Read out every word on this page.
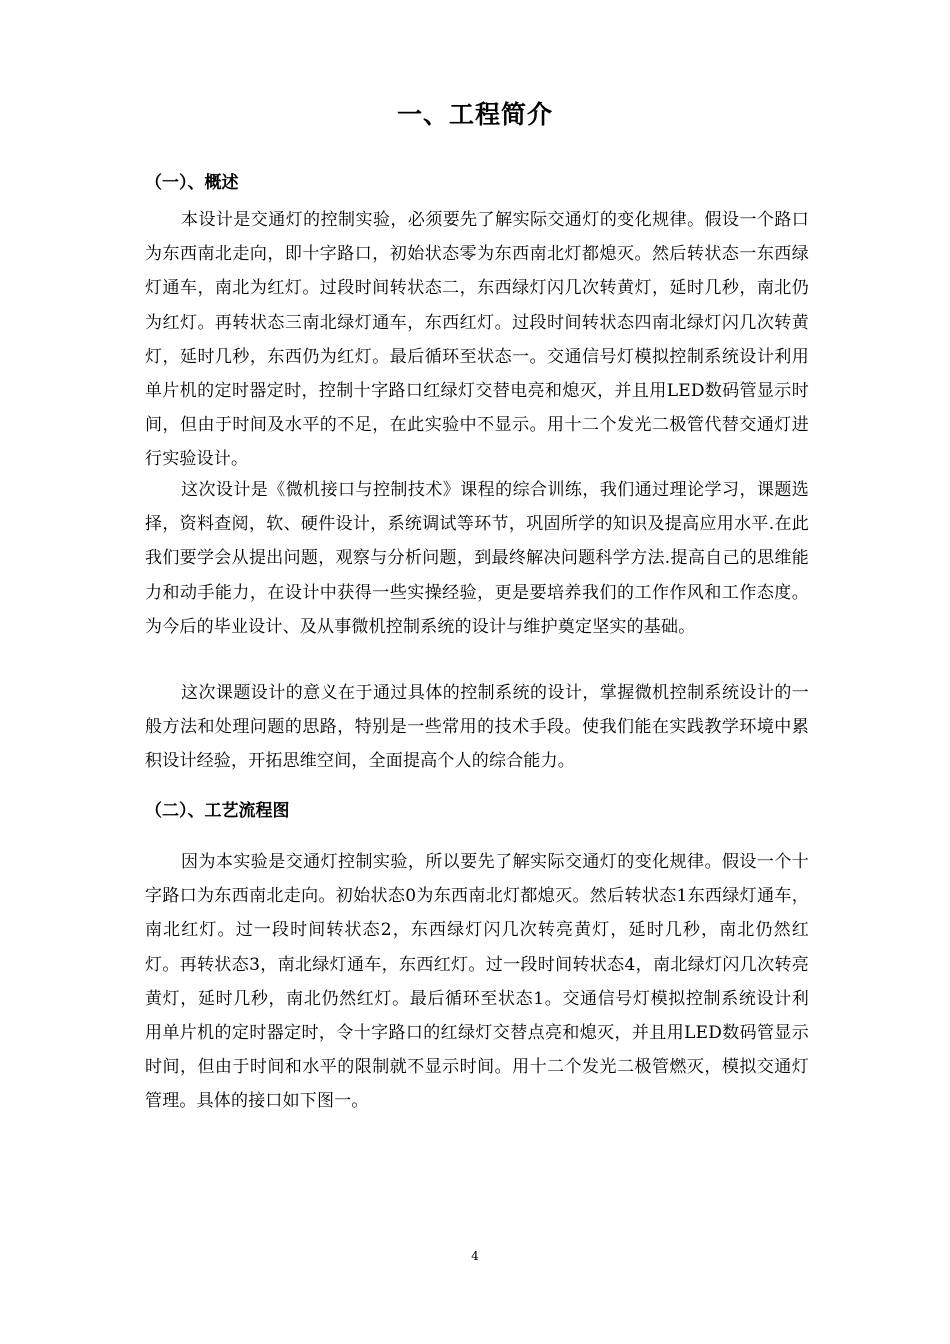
一、工程简介
（一）、概述

本设计是交通灯的控制实验，必须要先了解实际交通灯的变化规律。假设一个路口为东西南北走向，即十字路口，初始状态零为东西南北灯都熄灭。然后转状态一东西绿灯通车，南北为红灯。过段时间转状态二，东西绿灯闪几次转黄灯，延时几秒，南北仍为红灯。再转状态三南北绿灯通车，东西红灯。过段时间转状态四南北绿灯闪几次转黄灯，延时几秒，东西仍为红灯。最后循环至状态一。交通信号灯模拟控制系统设计利用单片机的定时器定时，控制十字路口红绿灯交替电亮和熄灭，并且用LED数码管显示时间，但由于时间及水平的不足，在此实验中不显示。用十二个发光二极管代替交通灯进行实验设计。

这次设计是《微机接口与控制技术》课程的综合训练，我们通过理论学习，课题选择，资料查阅，软、硬件设计，系统调试等环节，巩固所学的知识及提高应用水平.在此我们要学会从提出问题，观察与分析问题，到最终解决问题科学方法.提高自己的思维能力和动手能力，在设计中获得一些实操经验，更是要培养我们的工作作风和工作态度。为今后的毕业设计、及从事微机控制系统的设计与维护奠定坚实的基础。

这次课题设计的意义在于通过具体的控制系统的设计，掌握微机控制系统设计的一般方法和处理问题的思路，特别是一些常用的技术手段。使我们能在实践教学环境中累积设计经验，开拓思维空间，全面提高个人的综合能力。

（二）、工艺流程图

因为本实验是交通灯控制实验，所以要先了解实际交通灯的变化规律。假设一个十字路口为东西南北走向。初始状态0为东西南北灯都熄灭。然后转状态1东西绿灯通车，南北红灯。过一段时间转状态2，东西绿灯闪几次转亮黄灯，延时几秒，南北仍然红灯。再转状态3，南北绿灯通车，东西红灯。过一段时间转状态4，南北绿灯闪几次转亮黄灯，延时几秒，南北仍然红灯。最后循环至状态1。交通信号灯模拟控制系统设计利用单片机的定时器定时，令十字路口的红绿灯交替点亮和熄灭，并且用LED数码管显示时间，但由于时间和水平的限制就不显示时间。用十二个发光二极管燃灭，模拟交通灯管理。具体的接口如下图一。

4
